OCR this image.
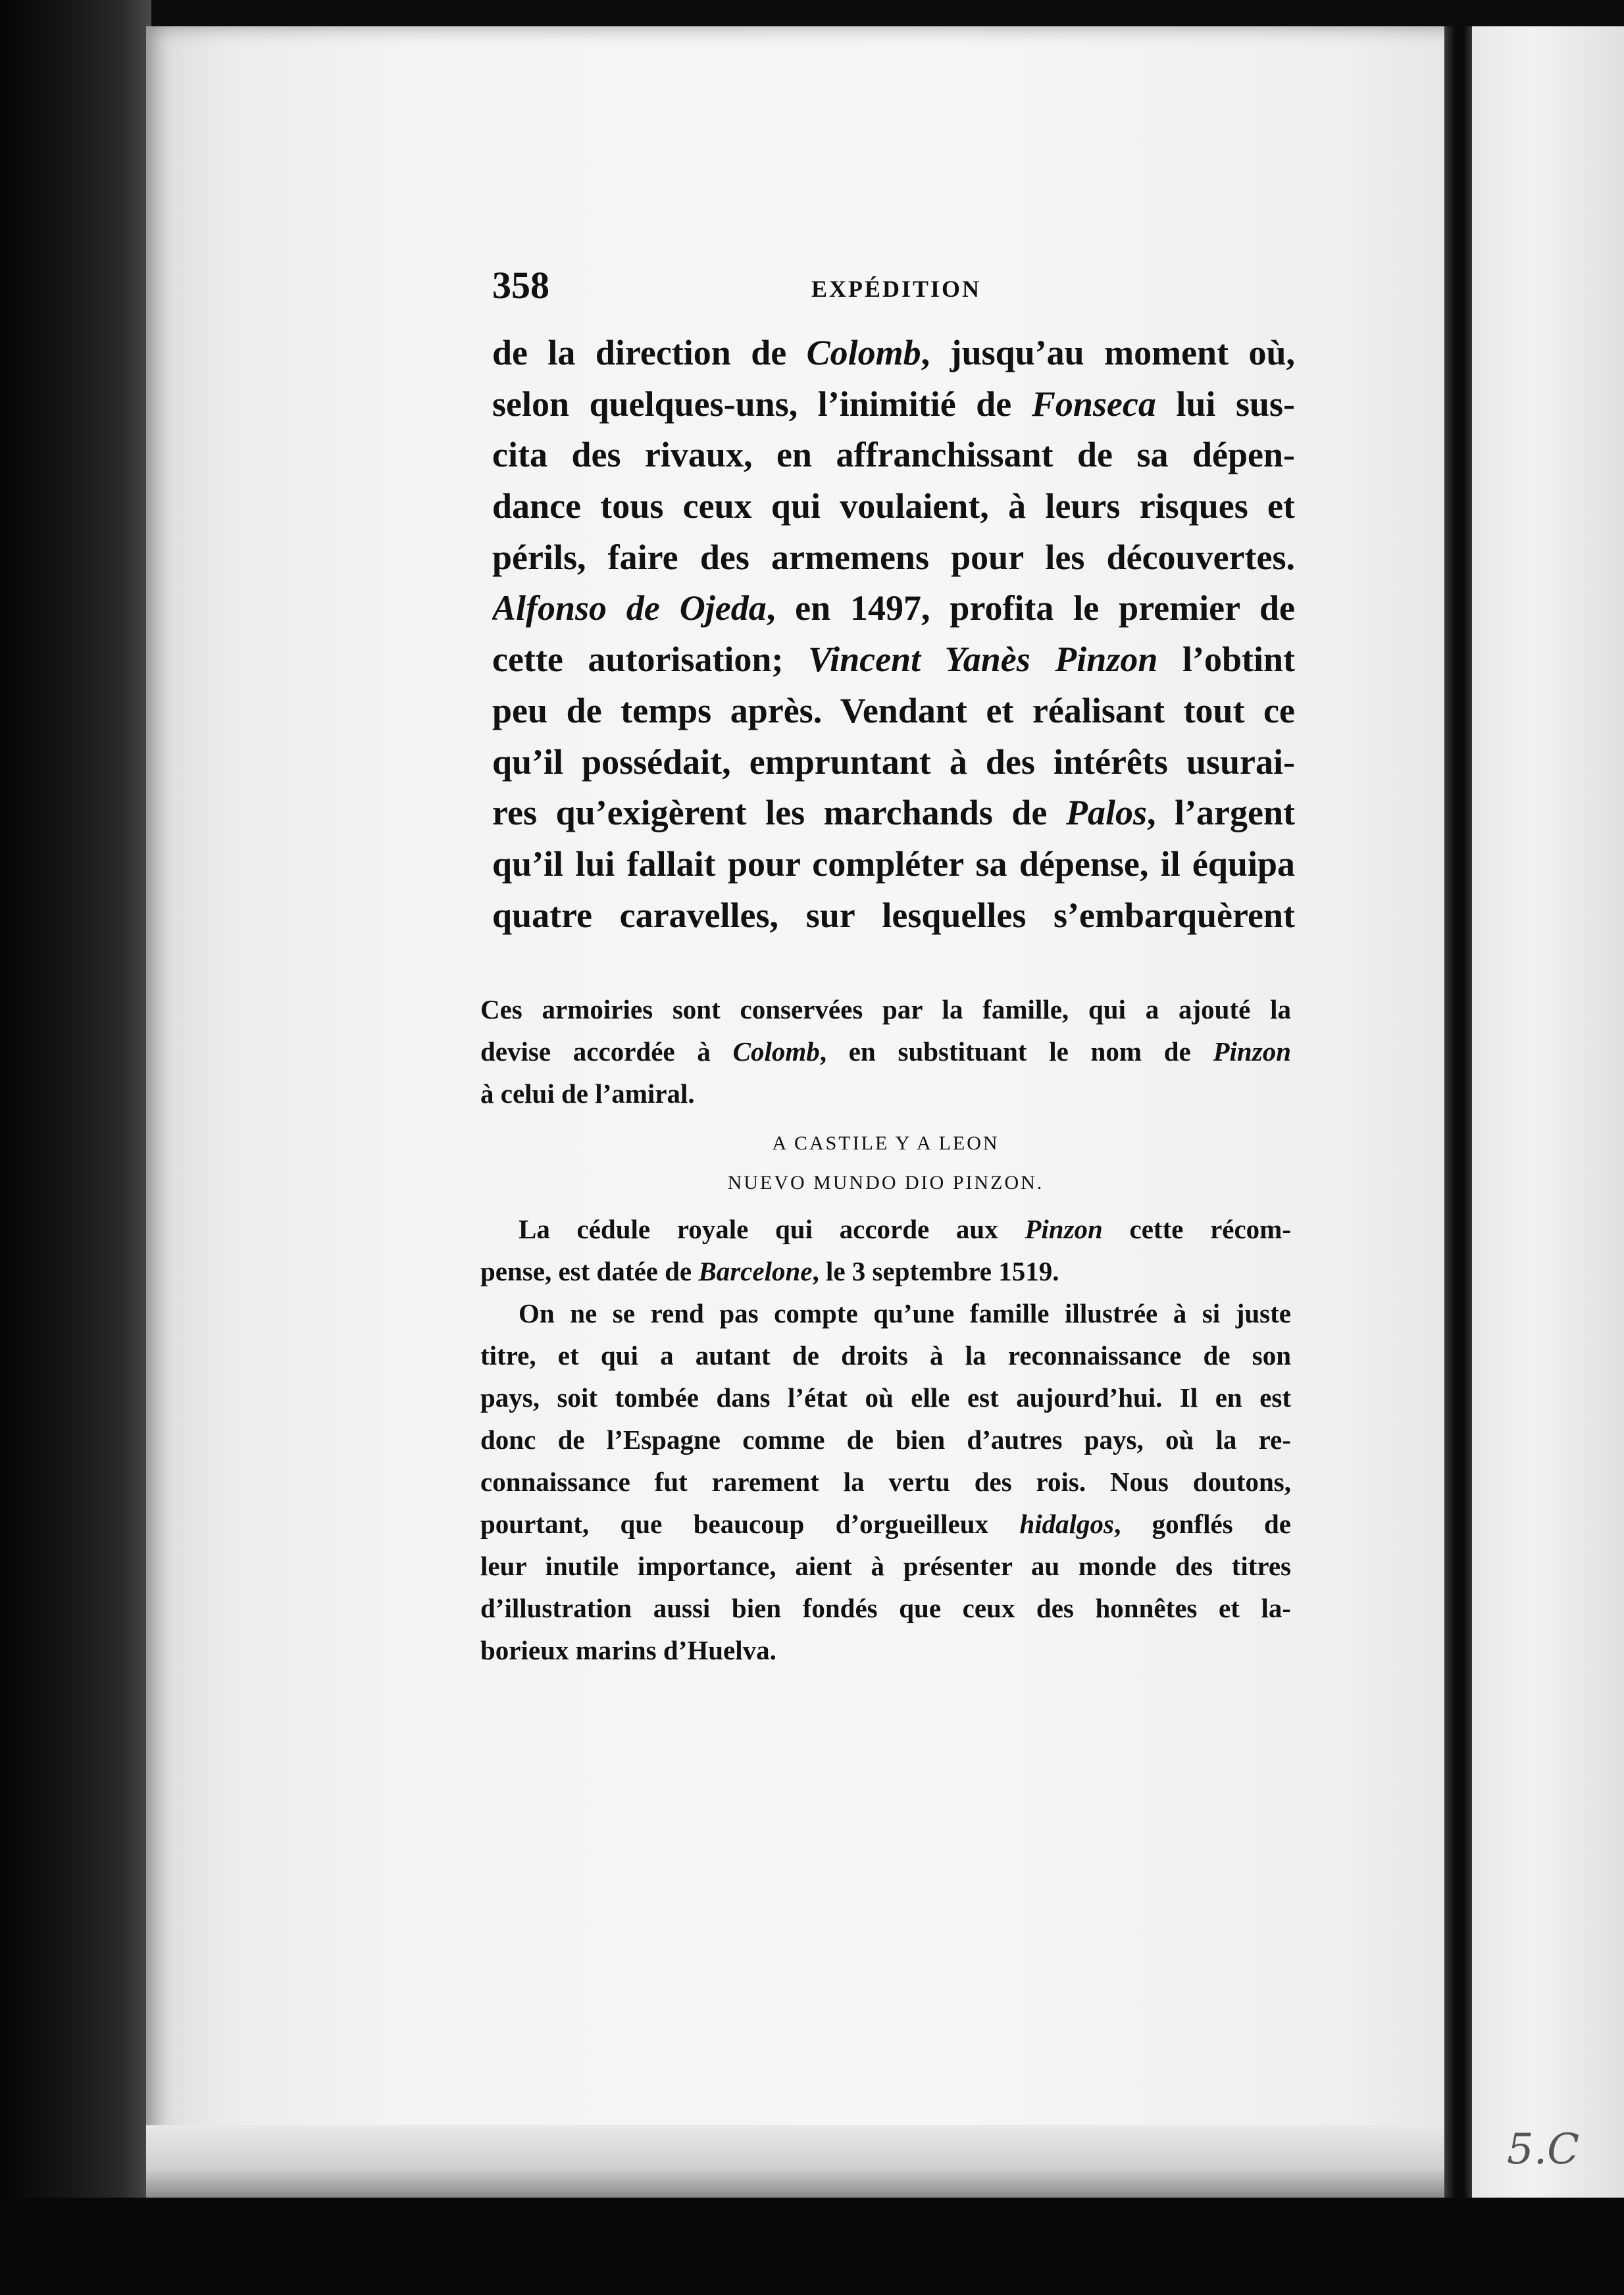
5.C
358	EXPÉDITION
de la direction de Colomb, jusqu’au moment où,
selon quelques-uns, l’inimitié de Fonseca lui sus-
cita des rivaux, en affranchissant de sa dépen-
dance tous ceux qui voulaient, à leurs risques et
périls, faire des armemens pour les découvertes.
Alfonso de Ojeda, en 1497, profita le premier de
cette autorisation; Vincent Yanès Pinzon l’obtint
peu de temps après. Vendant et réalisant tout ce
qu’il possédait, empruntant à des intérêts usurai-
res qu’exigèrent les marchands de Palos, l’argent
qu’il lui fallait pour compléter sa dépense, il équipa
quatre caravelles, sur lesquelles s’embarquèrent
Ces armoiries sont conservées par la famille, qui a ajouté la
devise accordée à Colomb, en substituant le nom de Pinzon
à celui de l’amiral.
A CASTILE Y A LEON
NUEVO MUNDO DIO PINZON.
La cédule royale qui accorde aux Pinzon cette récom-
pense, est datée de Barcelone, le 3 septembre 1519.
On ne se rend pas compte qu’une famille illustrée à si juste
titre, et qui a autant de droits à la reconnaissance de son
pays, soit tombée dans l’état où elle est aujourd’hui. Il en est
donc de l’Espagne comme de bien d’autres pays, où la re-
connaissance fut rarement la vertu des rois. Nous doutons,
pourtant, que beaucoup d’orgueilleux hidalgos, gonflés de
leur inutile importance, aient à présenter au monde des titres
d’illustration aussi bien fondés que ceux des honnêtes et la-
borieux marins d’Huelva.
